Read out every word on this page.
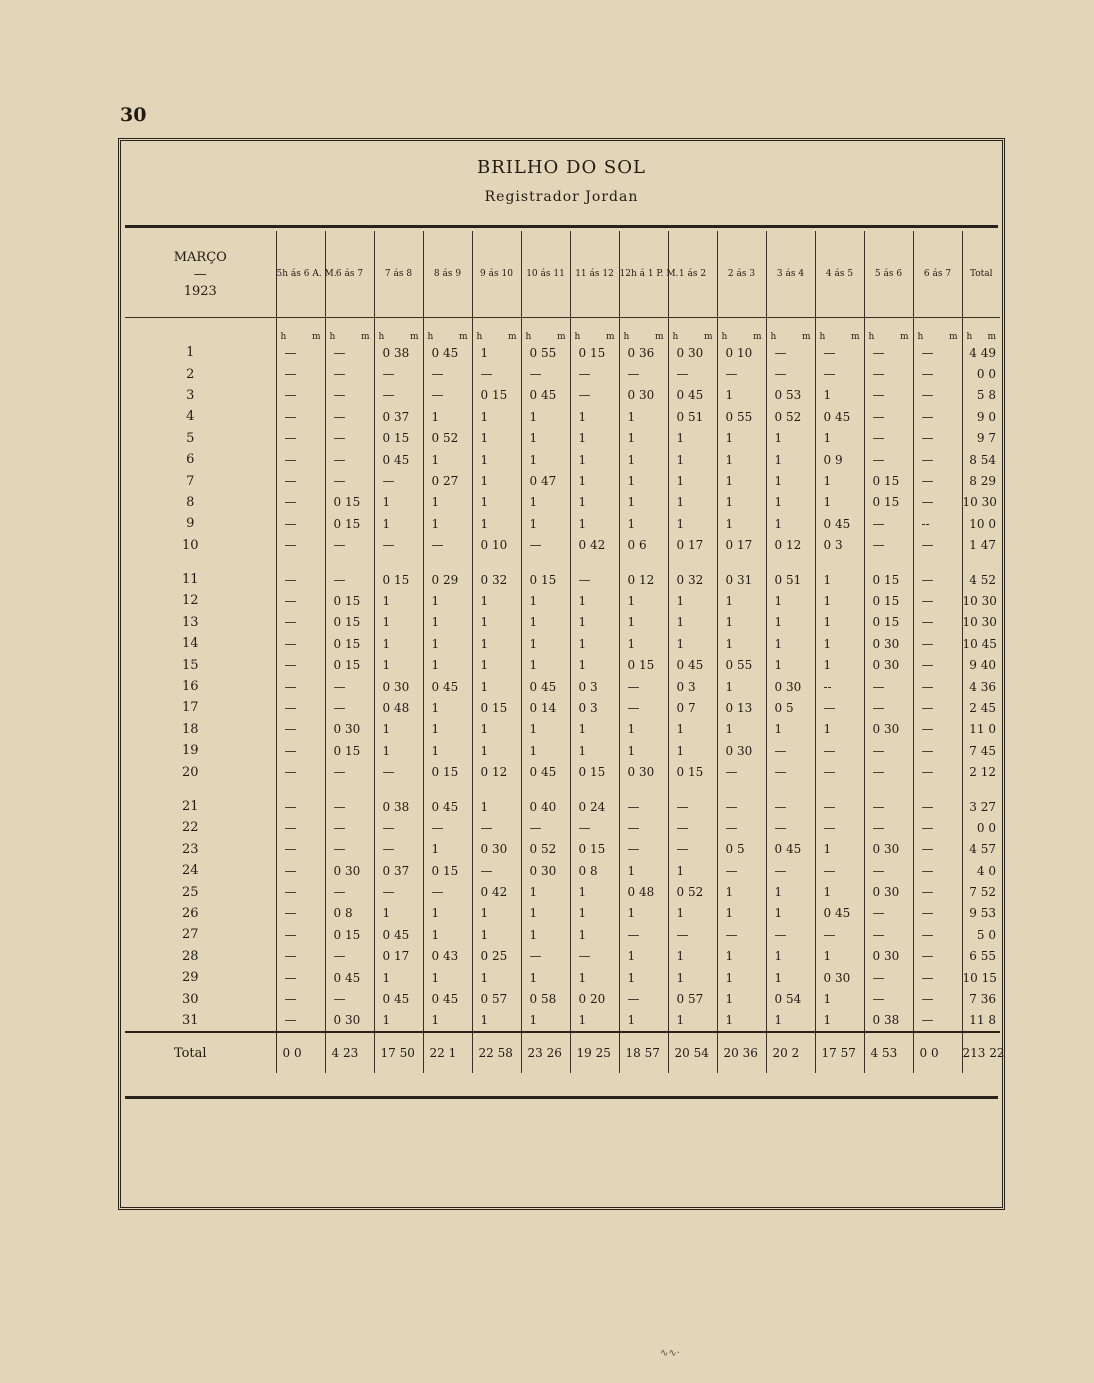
30
BRILHO DO SOL
Registrador Jordan
MARÇO
—
1923	5h ás 6 A. M.	6 ás 7	7 ás 8	8 ás 9	9 ás 10	10 ás 11	11 ás 12	12h á 1 P. M.	1 ás 2	2 ás 3	3 ás 4	4 ás 5	5 ás 6	6 ás 7	Total
	h m	h m	h m	h m	h m	h m	h m	h m	h m	h m	h m	h m	h m	h m	h m

1	—	—	0 38	0 45	1	0 55	0 15	0 36	0 30	0 10	—	—	—	—	4 49
2	—	—	—	—	—	—	—	—	—	—	—	—	—	—	0 0
3	—	—	—	—	0 15	0 45	—	0 30	0 45	1	0 53	1	—	—	5 8
4	—	—	0 37	1	1	1	1	1	0 51	0 55	0 52	0 45	—	—	9 0
5	—	—	0 15	0 52	1	1	1	1	1	1	1	1	—	—	9 7
6	—	—	0 45	1	1	1	1	1	1	1	1	0 9	—	—	8 54
7	—	—	—	0 27	1	0 47	1	1	1	1	1	1	0 15	—	8 29
8	—	0 15	1	1	1	1	1	1	1	1	1	1	0 15	—	10 30
9	—	0 15	1	1	1	1	1	1	1	1	1	0 45	—	--	10 0
10	—	—	—	—	0 10	—	0 42	0 6	0 17	0 17	0 12	0 3	—	—	1 47

11	—	—	0 15	0 29	0 32	0 15	—	0 12	0 32	0 31	0 51	1	0 15	—	4 52
12	—	0 15	1	1	1	1	1	1	1	1	1	1	0 15	—	10 30
13	—	0 15	1	1	1	1	1	1	1	1	1	1	0 15	—	10 30
14	—	0 15	1	1	1	1	1	1	1	1	1	1	0 30	—	10 45
15	—	0 15	1	1	1	1	1	0 15	0 45	0 55	1	1	0 30	—	9 40
16	—	—	0 30	0 45	1	0 45	0 3	—	0 3	1	0 30	--	—	—	4 36
17	—	—	0 48	1	0 15	0 14	0 3	—	0 7	0 13	0 5	—	—	—	2 45
18	—	0 30	1	1	1	1	1	1	1	1	1	1	0 30	—	11 0
19	—	0 15	1	1	1	1	1	1	1	0 30	—	—	—	—	7 45
20	—	—	—	0 15	0 12	0 45	0 15	0 30	0 15	—	—	—	—	—	2 12

21	—	—	0 38	0 45	1	0 40	0 24	—	—	—	—	—	—	—	3 27
22	—	—	—	—	—	—	—	—	—	—	—	—	—	—	0 0
23	—	—	—	1	0 30	0 52	0 15	—	—	0 5	0 45	1	0 30	—	4 57
24	—	0 30	0 37	0 15	—	0 30	0 8	1	1	—	—	—	—	—	4 0
25	—	—	—	—	0 42	1	1	0 48	0 52	1	1	1	0 30	—	7 52
26	—	0 8	1	1	1	1	1	1	1	1	1	0 45	—	—	9 53
27	—	0 15	0 45	1	1	1	1	—	—	—	—	—	—	—	5 0
28	—	—	0 17	0 43	0 25	—	—	1	1	1	1	1	0 30	—	6 55
29	—	0 45	1	1	1	1	1	1	1	1	1	0 30	—	—	10 15
30	—	—	0 45	0 45	0 57	0 58	0 20	—	0 57	1	0 54	1	—	—	7 36
31	—	0 30	1	1	1	1	1	1	1	1	1	1	0 38	—	11 8
Total	0 0	4 23	17 50	22 1	22 58	23 26	19 25	18 57	20 54	20 36	20 2	17 57	4 53	0 0	213 22
∿∿·
